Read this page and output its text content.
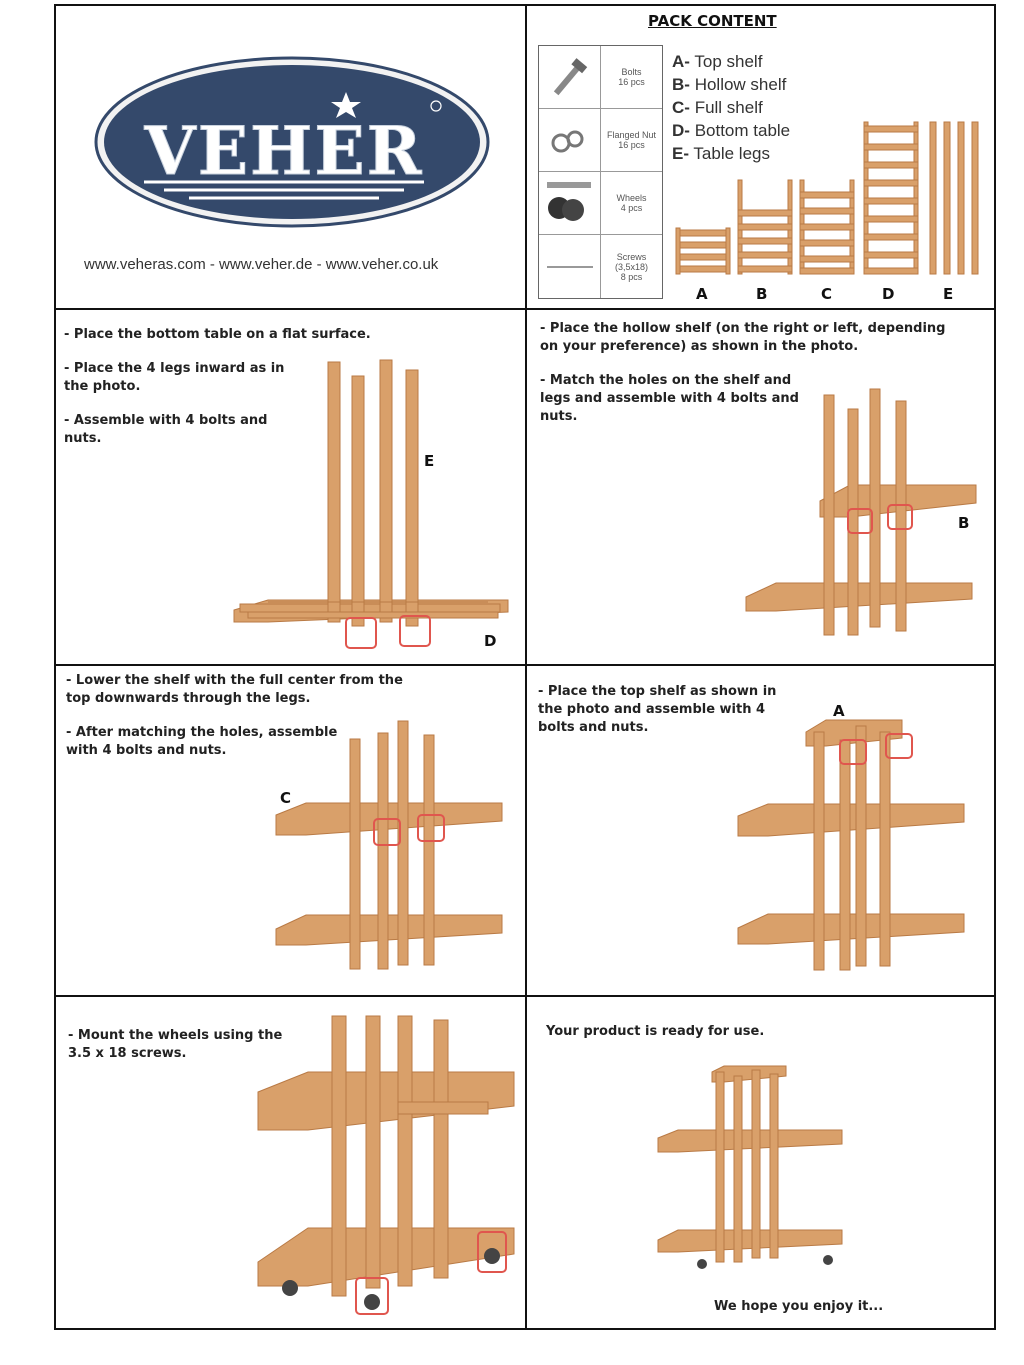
VEHER
www.veheras.com - www.veher.de - www.veher.co.uk
PACK CONTENT
Bolts
16 pcs
Flanged Nut
16 pcs
Wheels
4 pcs
Screws (3,5x18)
8 pcs
A- Top shelf
B- Hollow shelf
C- Full shelf
D- Bottom table
E- Table legs
A	B	C	D	E

- Place the bottom table on a flat surface.

- Place the 4 legs inward as in the photo.

- Assemble with 4 bolts and nuts.

E
D

- Place the hollow shelf (on the right or left, depending on your preference) as shown in the photo.

- Match the holes on the shelf and legs and assemble with 4 bolts and nuts.

B

- Lower the shelf with the full center from the top downwards through the legs.

- After matching the holes, assemble with 4 bolts and nuts.

C

- Place the top shelf as shown in the photo and assemble with 4 bolts and nuts.

A

- Mount the wheels using the 3.5 x 18 screws.

Your product is ready for use.
We hope you enjoy it...
